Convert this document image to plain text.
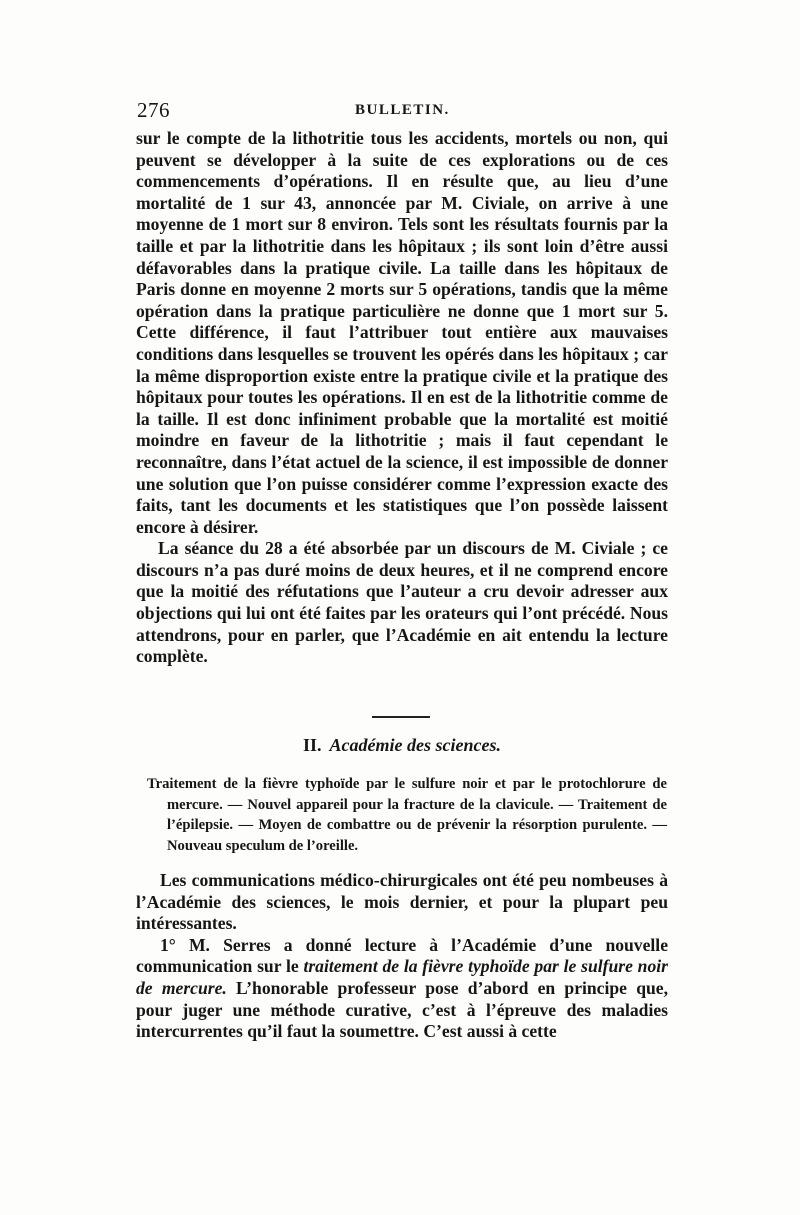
276	BULLETIN.

sur le compte de la lithotritie tous les accidents, mortels ou non, qui peuvent se développer à la suite de ces explorations ou de ces commencements d’opérations. Il en résulte que, au lieu d’une mortalité de 1 sur 43, annoncée par M. Civiale, on arrive à une moyenne de 1 mort sur 8 environ. Tels sont les résultats fournis par la taille et par la lithotritie dans les hôpitaux ; ils sont loin d’être aussi défavorables dans la pratique civile. La taille dans les hôpitaux de Paris donne en moyenne 2 morts sur 5 opérations, tandis que la même opération dans la pratique particulière ne donne que 1 mort sur 5. Cette différence, il faut l’attribuer tout entière aux mauvaises conditions dans lesquelles se trouvent les opérés dans les hôpitaux ; car la même disproportion existe entre la pratique civile et la pratique des hôpitaux pour toutes les opérations. Il en est de la lithotritie comme de la taille. Il est donc infiniment probable que la mortalité est moitié moindre en faveur de la lithotritie ; mais il faut cependant le reconnaître, dans l’état actuel de la science, il est impossible de donner une solution que l’on puisse considérer comme l’expression exacte des faits, tant les documents et les statistiques que l’on possède laissent encore à désirer.

La séance du 28 a été absorbée par un discours de M. Civiale ; ce discours n’a pas duré moins de deux heures, et il ne comprend encore que la moitié des réfutations que l’auteur a cru devoir adresser aux objections qui lui ont été faites par les orateurs qui l’ont précédé. Nous attendrons, pour en parler, que l’Académie en ait entendu la lecture complète.

II. Académie des sciences.
Traitement de la fièvre typhoïde par le sulfure noir et par le protochlorure de mercure. — Nouvel appareil pour la fracture de la clavicule. — Traitement de l’épilepsie. — Moyen de combattre ou de prévenir la résorption purulente. — Nouveau speculum de l’oreille.

Les communications médico-chirurgicales ont été peu nombeuses à l’Académie des sciences, le mois dernier, et pour la plupart peu intéressantes.

1° M. Serres a donné lecture à l’Académie d’une nouvelle communication sur le traitement de la fièvre typhoïde par le sulfure noir de mercure. L’honorable professeur pose d’abord en principe que, pour juger une méthode curative, c’est à l’épreuve des maladies intercurrentes qu’il faut la soumettre. C’est aussi à cette
